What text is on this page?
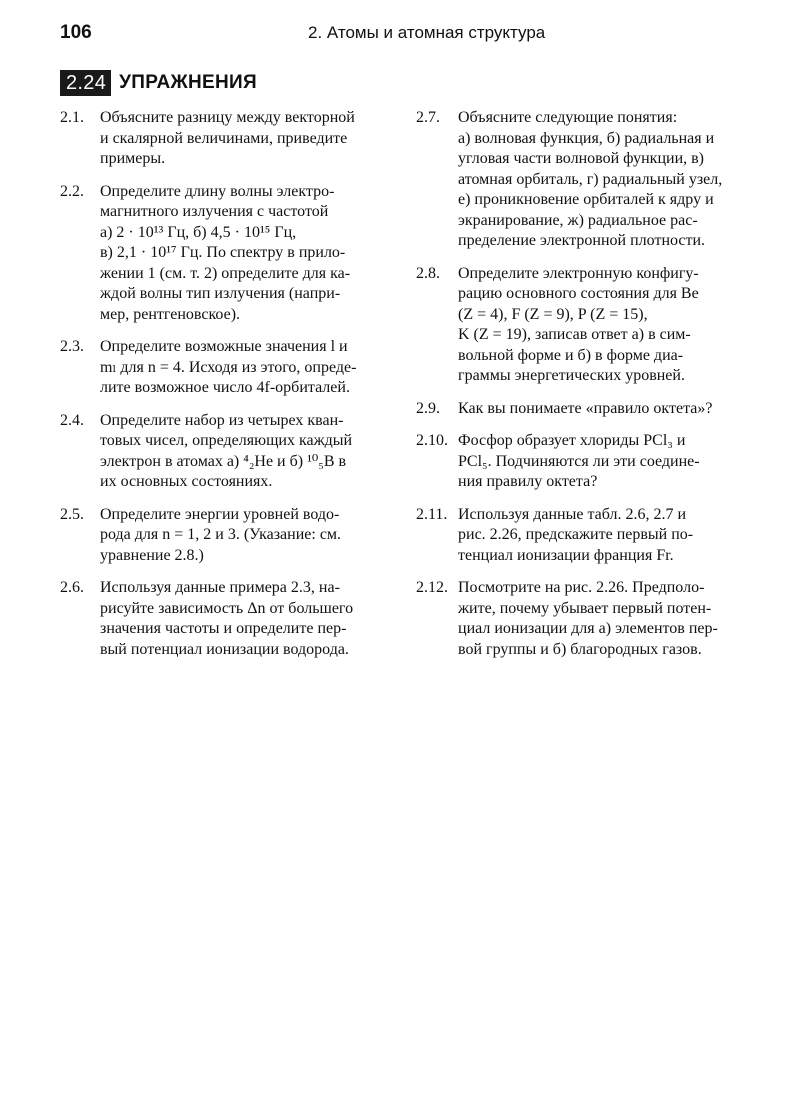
106	2. Атомы и атомная структура
2.24 УПРАЖНЕНИЯ
2.1.	Объясните разницу между векторной
и скалярной величинами, приведите
примеры.
2.2.	Определите длину волны электро-
магнитного излучения с частотой
а) 2 · 10¹³ Гц, б) 4,5 · 10¹⁵ Гц,
в) 2,1 · 10¹⁷ Гц. По спектру в прило-
жении 1 (см. т. 2) определите для ка-
ждой волны тип излучения (напри-
мер, рентгеновское).
2.3.	Определите возможные значения l и
mₗ для n = 4. Исходя из этого, опреде-
лите возможное число 4f-орбиталей.
2.4.	Определите набор из четырех кван-
товых чисел, определяющих каждый
электрон в атомах а) ⁴₂He и б) ¹⁰₅B в
их основных состояниях.
2.5.	Определите энергии уровней водо-
рода для n = 1, 2 и 3. (Указание: см.
уравнение 2.8.)
2.6.	Используя данные примера 2.3, на-
рисуйте зависимость Δn от большего
значения частоты и определите пер-
вый потенциал ионизации водорода.
2.7.	Объясните следующие понятия:
а) волновая функция, б) радиальная и
угловая части волновой функции, в)
атомная орбиталь, г) радиальный узел,
е) проникновение орбиталей к ядру и
экранирование, ж) радиальное рас-
пределение электронной плотности.
2.8.	Определите электронную конфигу-
рацию основного состояния для Be
(Z = 4), F (Z = 9), P (Z = 15),
K (Z = 19), записав ответ а) в сим-
вольной форме и б) в форме диа-
граммы энергетических уровней.
2.9.	Как вы понимаете «правило октета»?
2.10. Фосфор образует хлориды PCl₃ и
PCl₅. Подчиняются ли эти соедине-
ния правилу октета?
2.11. Используя данные табл. 2.6, 2.7 и
рис. 2.26, предскажите первый по-
тенциал ионизации франция Fr.
2.12. Посмотрите на рис. 2.26. Предполо-
жите, почему убывает первый потен-
циал ионизации для а) элементов пер-
вой группы и б) благородных газов.
